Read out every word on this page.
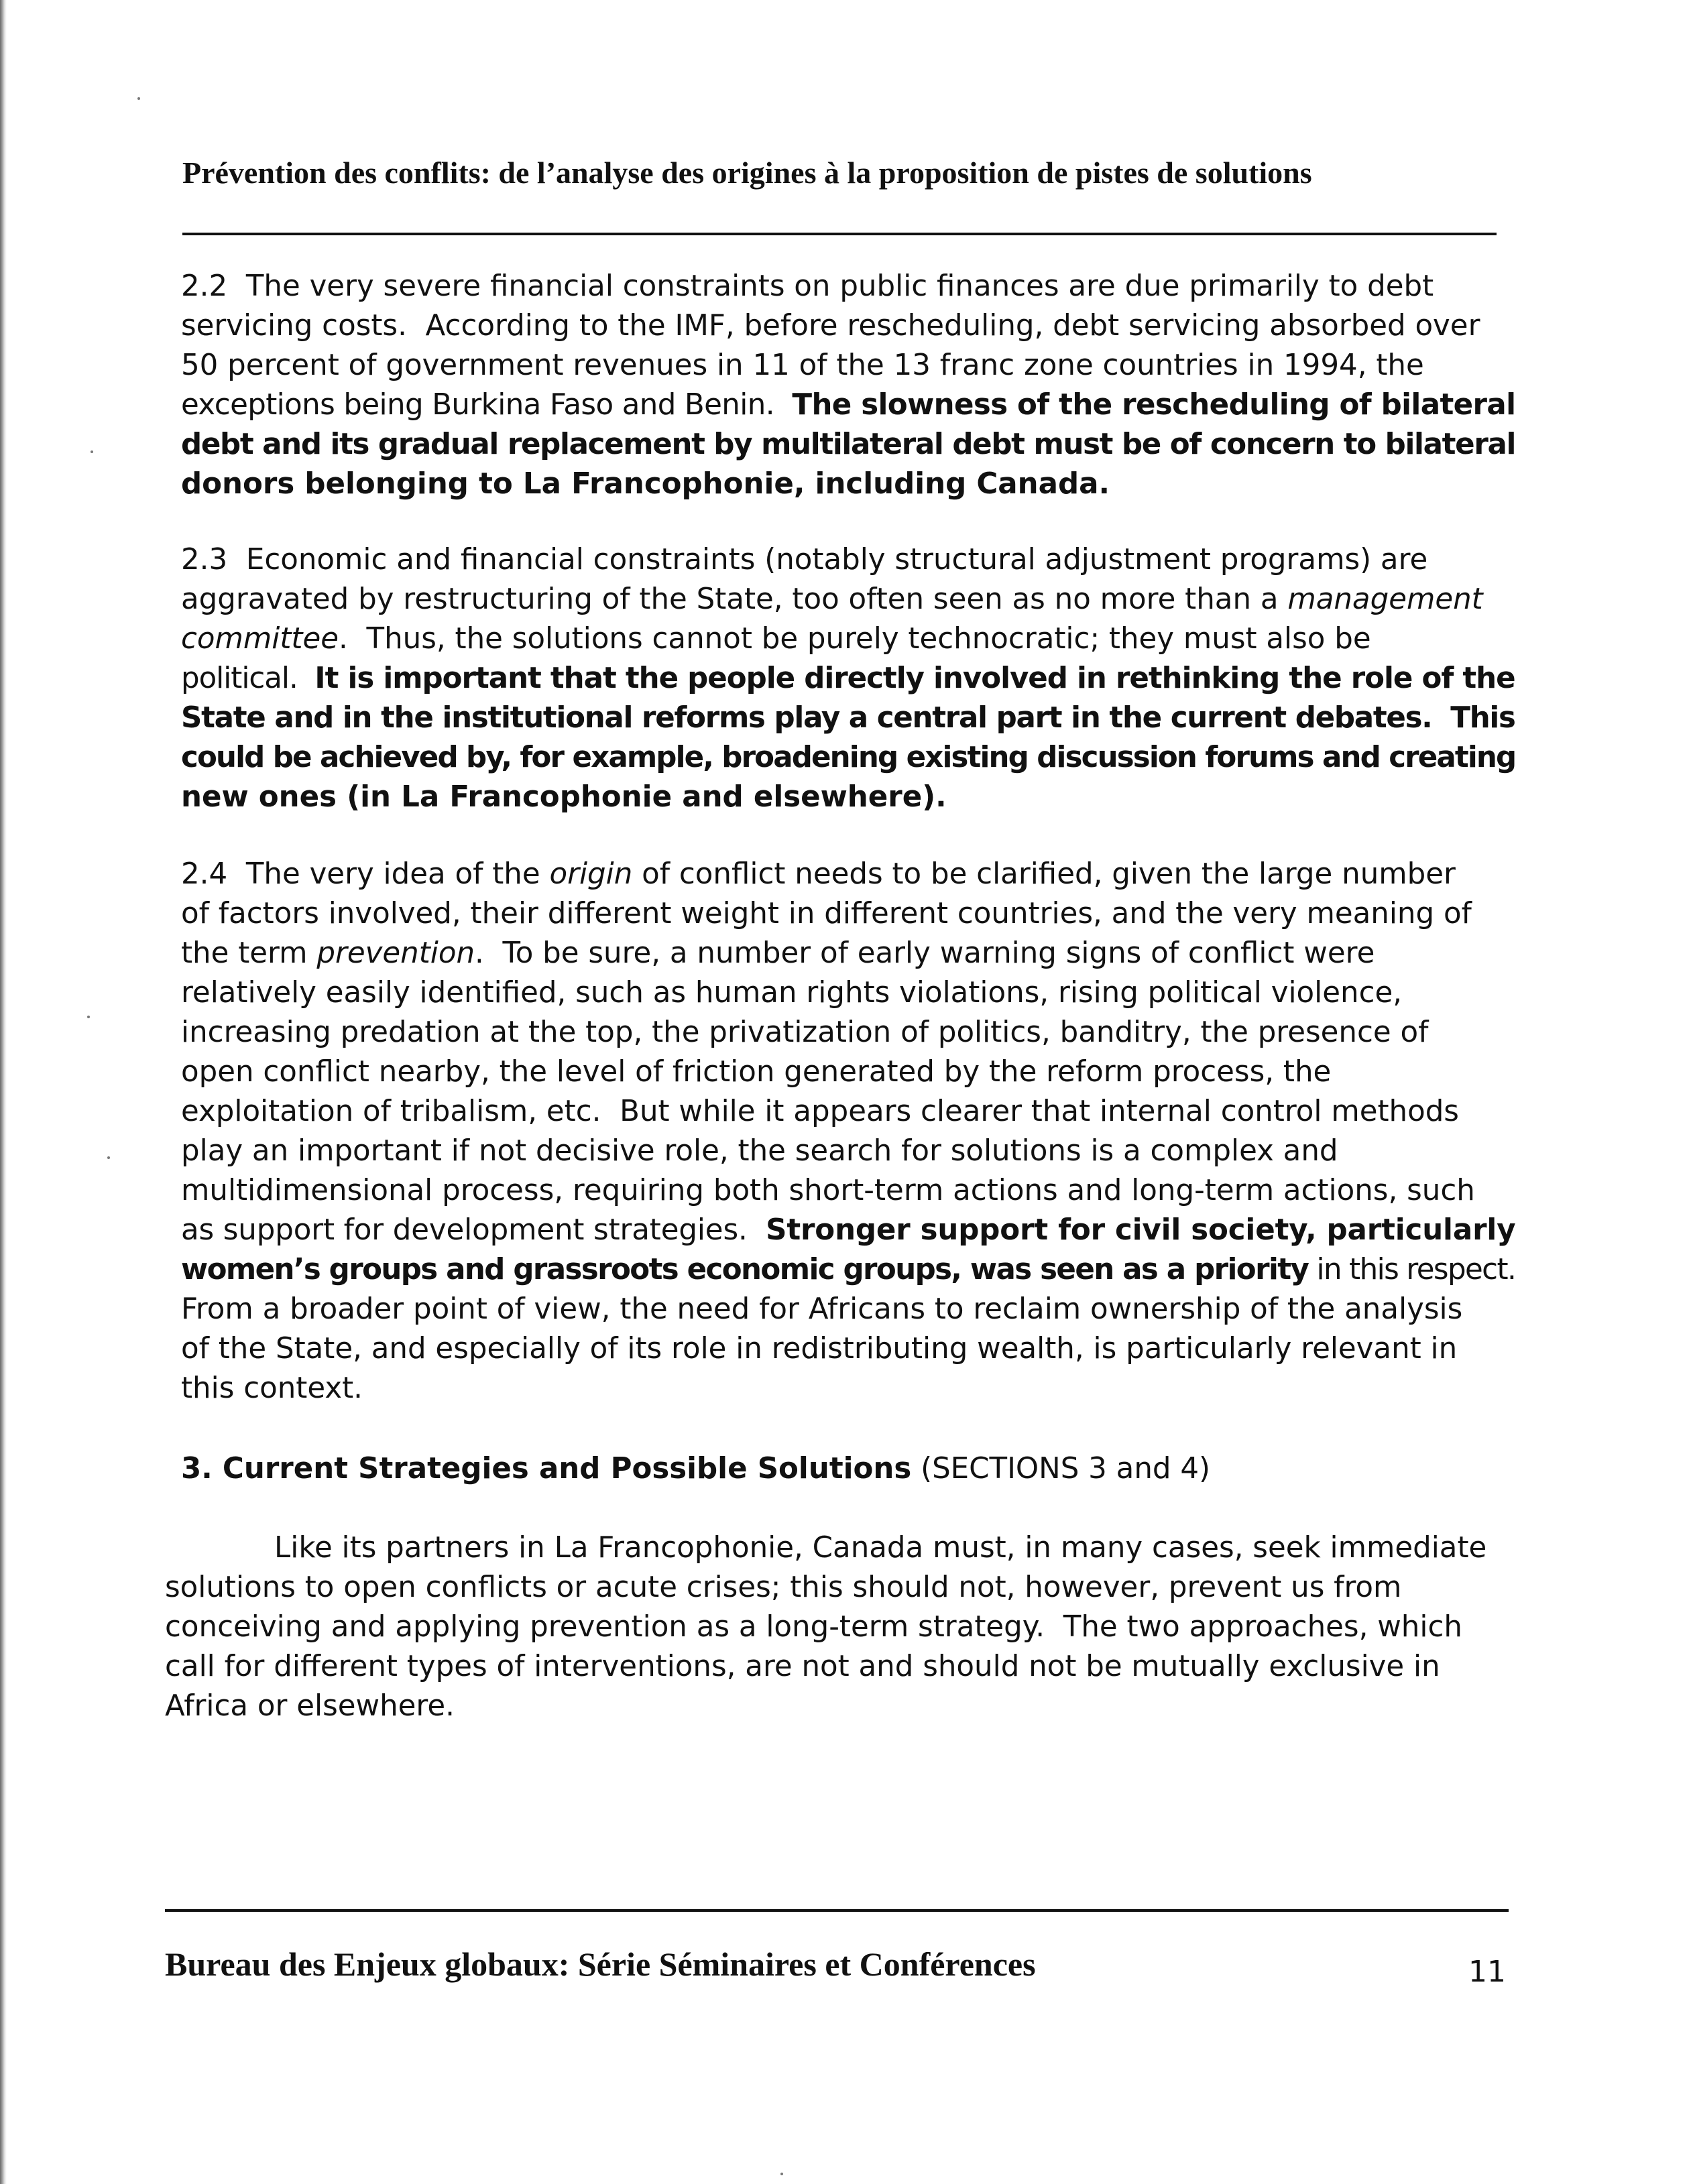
Prévention des conflits: de l’analyse des origines à la proposition de pistes de solutions
2.2  The very severe financial constraints on public finances are due primarily to debt
servicing costs.  According to the IMF, before rescheduling, debt servicing absorbed over
50 percent of government revenues in 11 of the 13 franc zone countries in 1994, the
exceptions being Burkina Faso and Benin.  The slowness of the rescheduling of bilateral
debt and its gradual replacement by multilateral debt must be of concern to bilateral
donors belonging to La Francophonie, including Canada.
2.3  Economic and financial constraints (notably structural adjustment programs) are
aggravated by restructuring of the State, too often seen as no more than a management
committee.  Thus, the solutions cannot be purely technocratic; they must also be
political.  It is important that the people directly involved in rethinking the role of the
State and in the institutional reforms play a central part in the current debates.  This
could be achieved by, for example, broadening existing discussion forums and creating
new ones (in La Francophonie and elsewhere).
2.4  The very idea of the origin of conflict needs to be clarified, given the large number
of factors involved, their different weight in different countries, and the very meaning of
the term prevention.  To be sure, a number of early warning signs of conflict were
relatively easily identified, such as human rights violations, rising political violence,
increasing predation at the top, the privatization of politics, banditry, the presence of
open conflict nearby, the level of friction generated by the reform process, the
exploitation of tribalism, etc.  But while it appears clearer that internal control methods
play an important if not decisive role, the search for solutions is a complex and
multidimensional process, requiring both short-term actions and long-term actions, such
as support for development strategies.  Stronger support for civil society, particularly
women’s groups and grassroots economic groups, was seen as a priority in this respect.
From a broader point of view, the need for Africans to reclaim ownership of the analysis
of the State, and especially of its role in redistributing wealth, is particularly relevant in
this context.
3. Current Strategies and Possible Solutions (SECTIONS 3 and 4)
Like its partners in La Francophonie, Canada must, in many cases, seek immediate
solutions to open conflicts or acute crises; this should not, however, prevent us from
conceiving and applying prevention as a long-term strategy.  The two approaches, which
call for different types of interventions, are not and should not be mutually exclusive in
Africa or elsewhere.
Bureau des Enjeux globaux: Série Séminaires et Conférences	11
